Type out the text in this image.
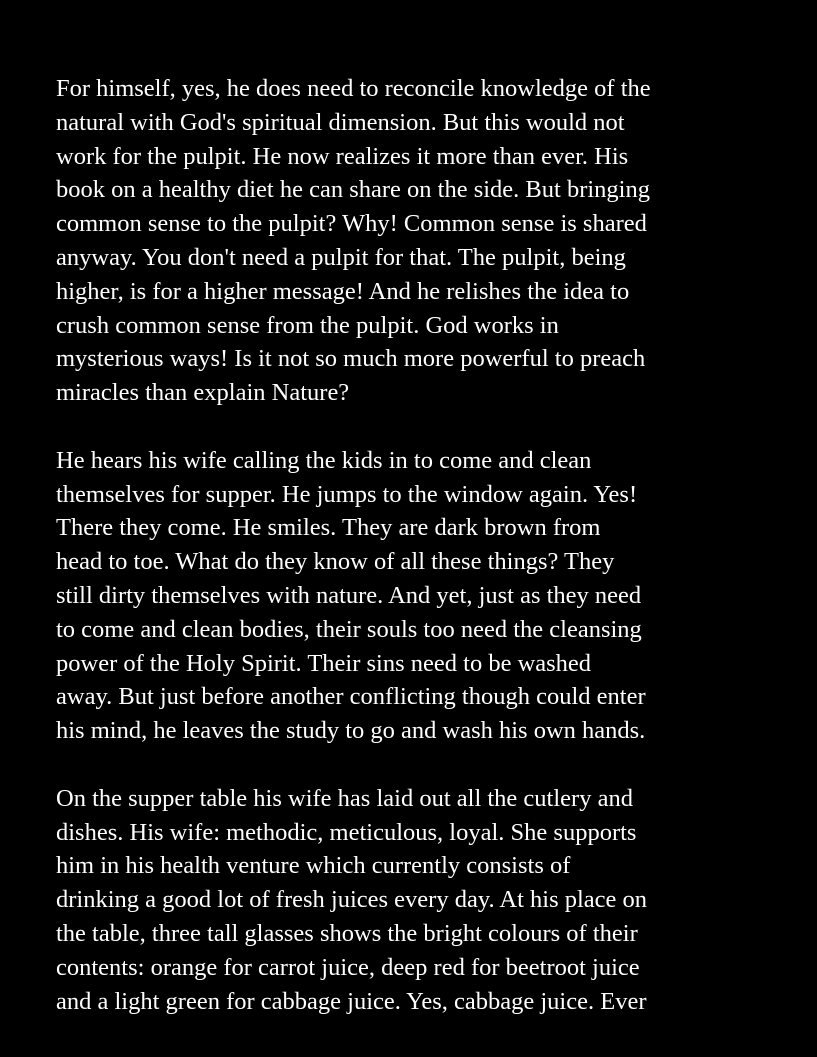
For himself, yes, he does need to reconcile knowledge of the
natural with God's spiritual dimension. But this would not
work for the pulpit. He now realizes it more than ever. His
book on a healthy diet he can share on the side. But bringing
common sense to the pulpit? Why! Common sense is shared
anyway. You don't need a pulpit for that. The pulpit, being
higher, is for a higher message! And he relishes the idea to
crush common sense from the pulpit. God works in
mysterious ways! Is it not so much more powerful to preach
miracles than explain Nature?

He hears his wife calling the kids in to come and clean
themselves for supper. He jumps to the window again. Yes!
There they come. He smiles. They are dark brown from
head to toe. What do they know of all these things? They
still dirty themselves with nature. And yet, just as they need
to come and clean bodies, their souls too need the cleansing
power of the Holy Spirit. Their sins need to be washed
away. But just before another conflicting though could enter
his mind, he leaves the study to go and wash his own hands.

On the supper table his wife has laid out all the cutlery and
dishes. His wife: methodic, meticulous, loyal. She supports
him in his health venture which currently consists of
drinking a good lot of fresh juices every day. At his place on
the table, three tall glasses shows the bright colours of their
contents: orange for carrot juice, deep red for beetroot juice
and a light green for cabbage juice. Yes, cabbage juice. Ever
